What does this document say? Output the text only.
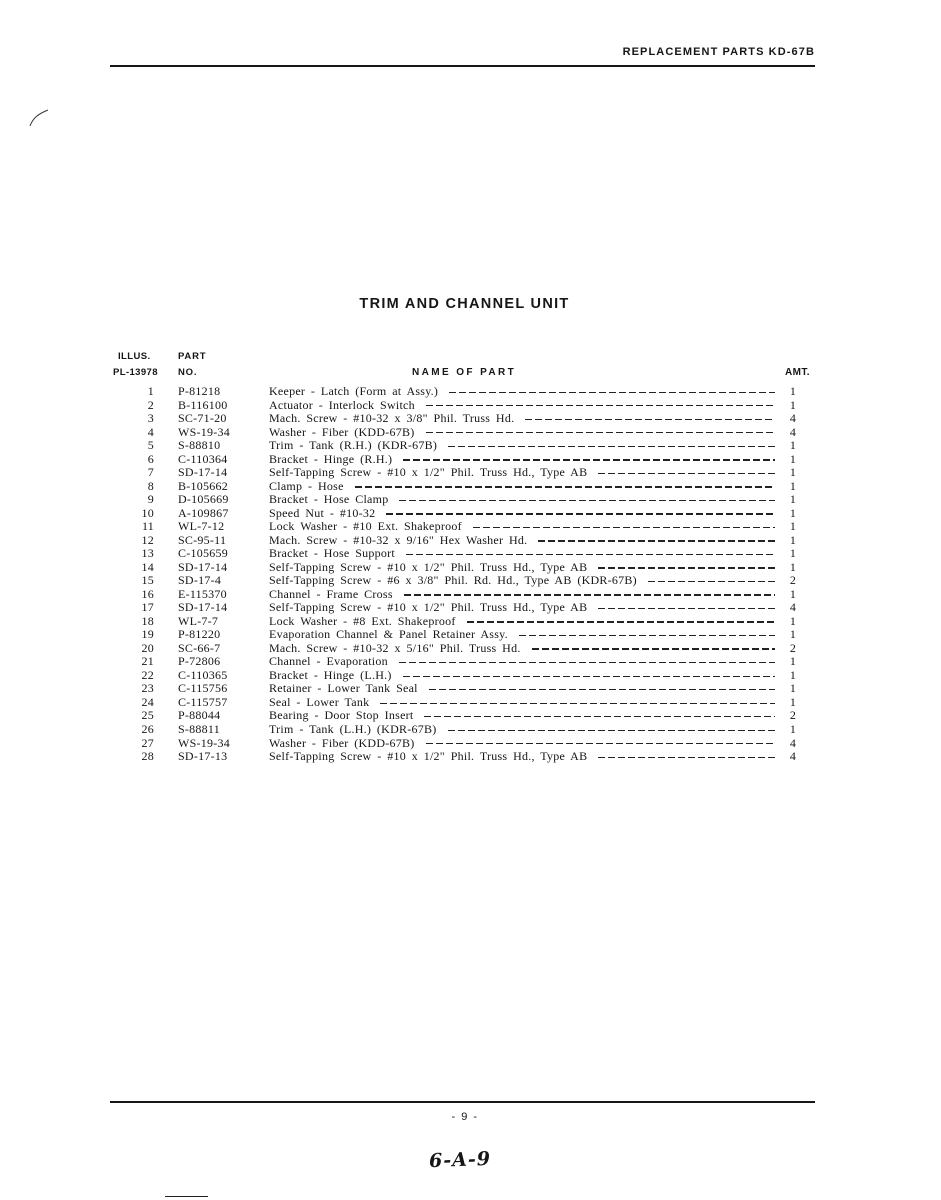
REPLACEMENT PARTS KD-67B
TRIM AND CHANNEL UNIT
ILLUS.
PL-13978
PART
NO.	NAME OF PART	AMT.
1 P-81218	Keeper - Latch (Form at Assy.)	1
2 B-116100	Actuator - Interlock Switch	1
3 SC-71-20	Mach. Screw - #10-32 x 3/8" Phil. Truss Hd.	4
4 WS-19-34	Washer - Fiber (KDD-67B)	4
5 S-88810	Trim - Tank (R.H.) (KDR-67B)	1
6 C-110364	Bracket - Hinge (R.H.)	1
7 SD-17-14	Self-Tapping Screw - #10 x 1/2" Phil. Truss Hd., Type AB	1
8 B-105662	Clamp - Hose	1
9 D-105669	Bracket - Hose Clamp	1
10 A-109867	Speed Nut - #10-32	1
11 WL-7-12	Lock Washer - #10 Ext. Shakeproof	1
12 SC-95-11	Mach. Screw - #10-32 x 9/16" Hex Washer Hd.	1
13 C-105659	Bracket - Hose Support	1
14 SD-17-14	Self-Tapping Screw - #10 x 1/2" Phil. Truss Hd., Type AB	1
15 SD-17-4	Self-Tapping Screw - #6 x 3/8" Phil. Rd. Hd., Type AB (KDR-67B)	2
16 E-115370	Channel - Frame Cross	1
17 SD-17-14	Self-Tapping Screw - #10 x 1/2" Phil. Truss Hd., Type AB	4
18 WL-7-7	Lock Washer - #8 Ext. Shakeproof	1
19 P-81220	Evaporation Channel & Panel Retainer Assy.	1
20 SC-66-7	Mach. Screw - #10-32 x 5/16" Phil. Truss Hd.	2
21 P-72806	Channel - Evaporation	1
22 C-110365	Bracket - Hinge (L.H.)	1
23 C-115756	Retainer - Lower Tank Seal	1
24 C-115757	Seal - Lower Tank	1
25 P-88044	Bearing - Door Stop Insert	2
26 S-88811	Trim - Tank (L.H.) (KDR-67B)	1
27 WS-19-34	Washer - Fiber (KDD-67B)	4
28 SD-17-13	Self-Tapping Screw - #10 x 1/2" Phil. Truss Hd., Type AB	4
- 9 -
6-A-9
